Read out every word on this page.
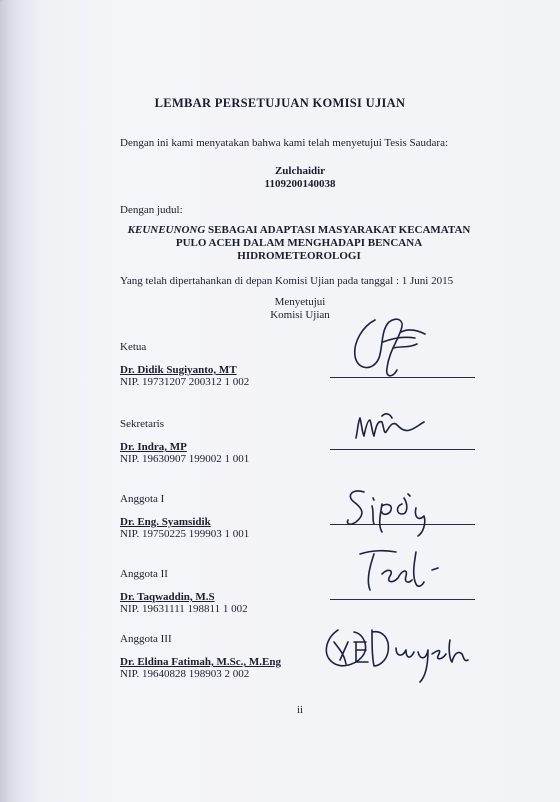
LEMBAR PERSETUJUAN KOMISI UJIAN
Dengan ini kami menyatakan bahwa kami telah menyetujui Tesis Saudara:
Zulchaidir
1109200140038
Dengan judul:
KEUNEUNONG SEBAGAI ADAPTASI MASYARAKAT KECAMATAN
PULO ACEH DALAM MENGHADAPI BENCANA
HIDROMETEOROLOGI
Yang telah dipertahankan di depan Komisi Ujian pada tanggal : 1 Juni 2015
Menyetujui
Komisi Ujian
Ketua
Dr. Didik Sugiyanto, MT
NIP. 19731207 200312 1 002
Sekretaris
Dr. Indra, MP
NIP. 19630907 199002 1 001
Anggota I
Dr. Eng. Syamsidik
NIP. 19750225 199903 1 001
Anggota II
Dr. Taqwaddin, M.S
NIP. 19631111 198811 1 002
Anggota III
Dr. Eldina Fatimah, M.Sc., M.Eng
NIP. 19640828 198903 2 002
ii
